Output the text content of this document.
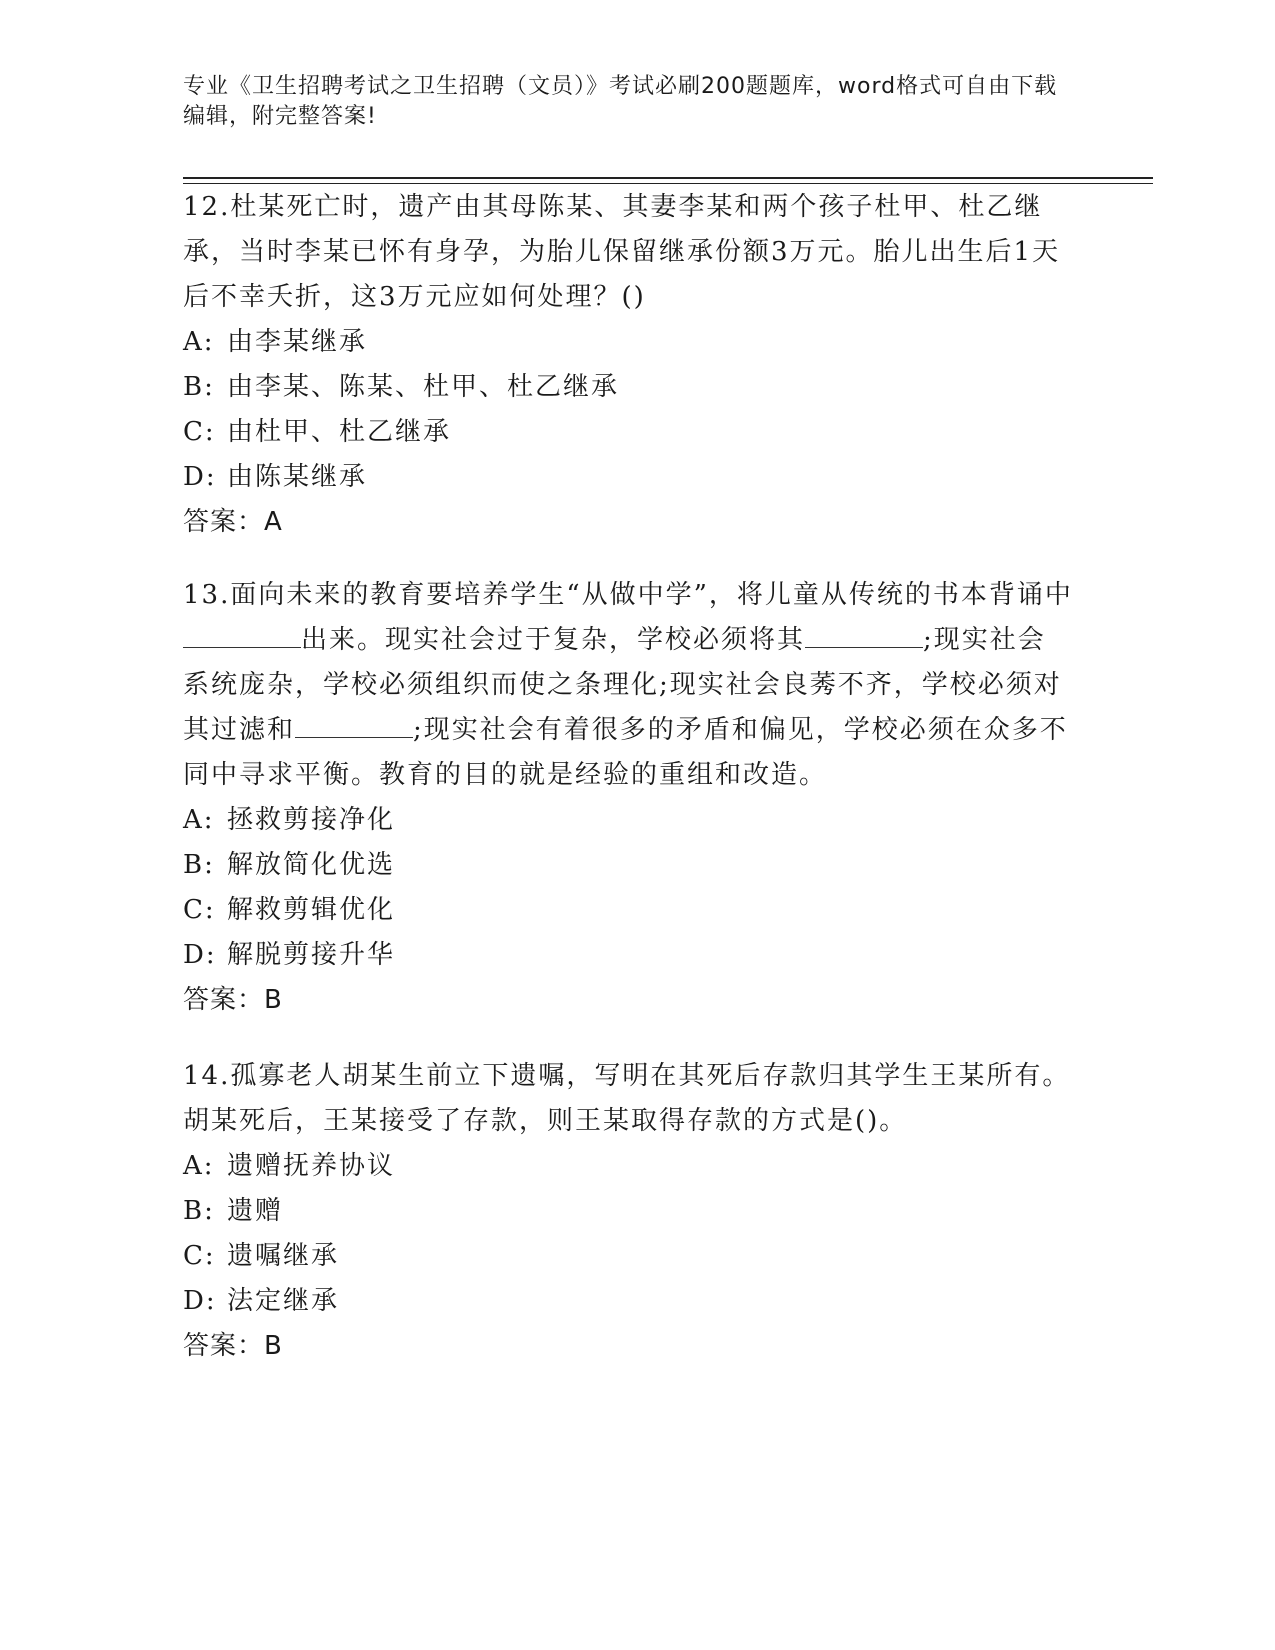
专业《卫生招聘考试之卫生招聘（文员）》考试必刷200题题库，word格式可自由下载编辑，附完整答案!

12.杜某死亡时，遗产由其母陈某、其妻李某和两个孩子杜甲、杜乙继承，当时李某已怀有身孕，为胎儿保留继承份额3万元。胎儿出生后1天后不幸夭折，这3万元应如何处理？()

A: 由李某继承

B: 由李某、陈某、杜甲、杜乙继承

C: 由杜甲、杜乙继承

D: 由陈某继承

答案：A

13.面向未来的教育要培养学生“从做中学”，将儿童从传统的书本背诵中出来。现实社会过于复杂，学校必须将其	;现实社会系统庞杂，学校必须组织而使之条理化;现实社会良莠不齐，学校必须对其过滤和	;现实社会有着很多的矛盾和偏见，学校必须在众多不同中寻求平衡。教育的目的就是经验的重组和改造。

A: 拯救剪接净化

B: 解放简化优选

C: 解救剪辑优化

D: 解脱剪接升华

答案：B

14.孤寡老人胡某生前立下遗嘱，写明在其死后存款归其学生王某所有。胡某死后，王某接受了存款，则王某取得存款的方式是()。

A: 遗赠抚养协议

B: 遗赠

C: 遗嘱继承

D: 法定继承

答案：B
